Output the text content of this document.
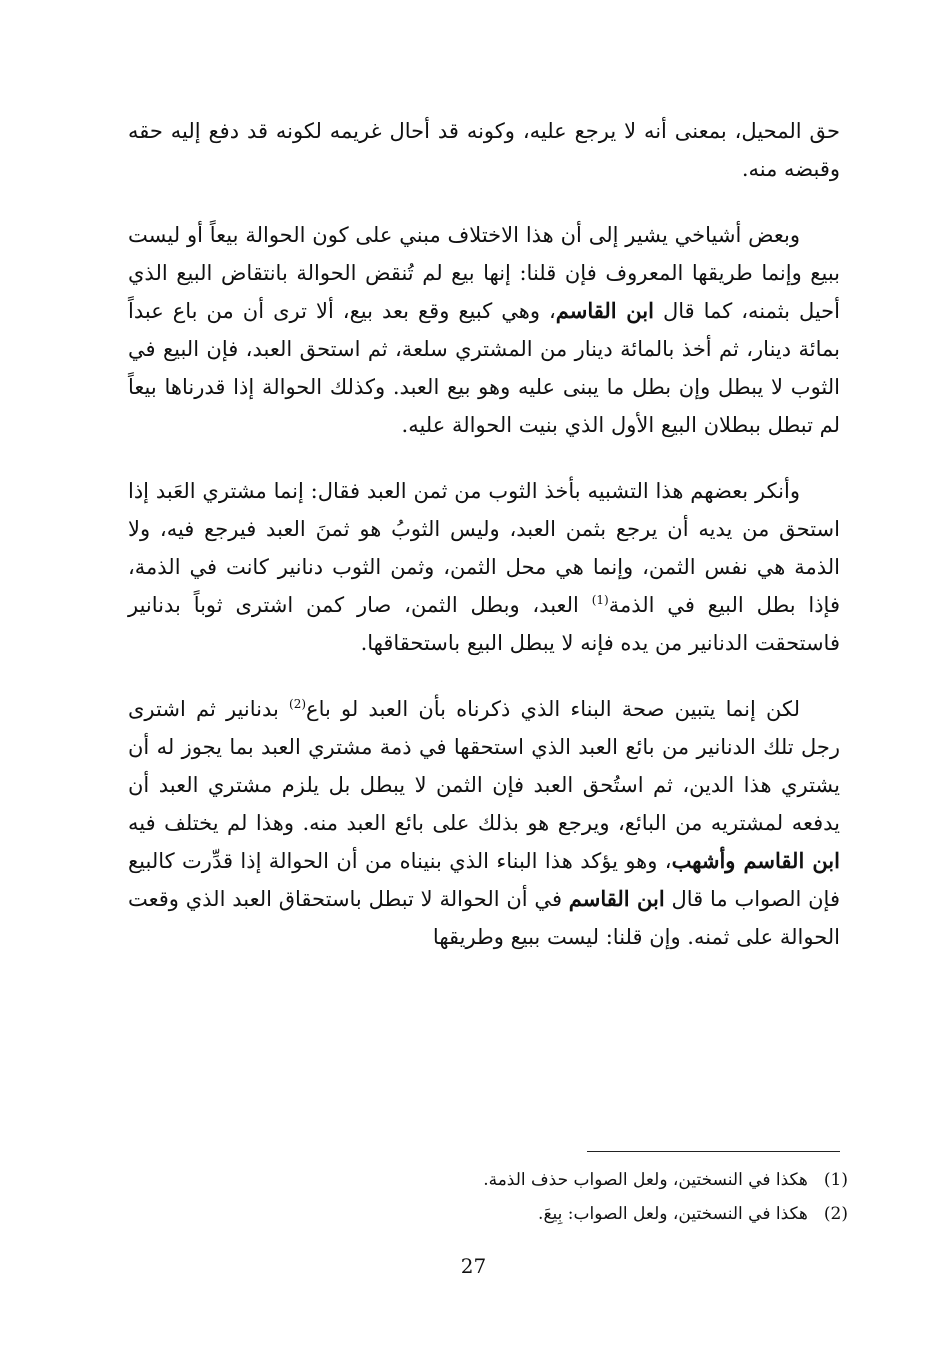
حق المحيل، بمعنى أنه لا يرجع عليه، وكونه قد أحال غريمه لكونه قد دفع إليه حقه وقبضه منه.

وبعض أشياخي يشير إلى أن هذا الاختلاف مبني على كون الحوالة بيعاً أو ليست ببيع وإنما طريقها المعروف فإن قلنا: إنها بيع لم تُنقض الحوالة بانتقاض البيع الذي أحيل بثمنه، كما قال ابن القاسم، وهي كبيع وقع بعد بيع، ألا ترى أن من باع عبداً بمائة دينار، ثم أخذ بالمائة دينار من المشتري سلعة، ثم استحق العبد، فإن البيع في الثوب لا يبطل وإن بطل ما يبنى عليه وهو بيع العبد. وكذلك الحوالة إذا قدرناها بيعاً لم تبطل ببطلان البيع الأول الذي بنيت الحوالة عليه.

وأنكر بعضهم هذا التشبيه بأخذ الثوب من ثمن العبد فقال: إنما مشتري العَبد إذا استحق من يديه أن يرجع بثمن العبد، وليس الثوبُ هو ثمنَ العبد فيرجع فيه، ولا الذمة هي نفس الثمن، وإنما هي محل الثمن، وثمن الثوب دنانير كانت في الذمة، فإذا بطل البيع في الذمة$^{(1)}$ العبد، وبطل الثمن، صار كمن اشترى ثوباً بدنانير فاستحقت الدنانير من يده فإنه لا يبطل البيع باستحقاقها.

لكن إنما يتبين صحة البناء الذي ذكرناه بأن العبد لو باع$^{(2)}$ بدنانير ثم اشترى رجل تلك الدنانير من بائع العبد الذي استحقها في ذمة مشتري العبد بما يجوز له أن يشتري هذا الدين، ثم استُحق العبد فإن الثمن لا يبطل بل يلزم مشتري العبد أن يدفعه لمشتريه من البائع، ويرجع هو بذلك على بائع العبد منه. وهذا لم يختلف فيه ابن القاسم وأشهب، وهو يؤكد هذا البناء الذي بنيناه من أن الحوالة إذا قدِّرت كالبيع فإن الصواب ما قال ابن القاسم في أن الحوالة لا تبطل باستحقاق العبد الذي وقعت الحوالة على ثمنه. وإن قلنا: ليست ببيع وطريقها

(1)هكذا في النسختين، ولعل الصواب حذف الذمة.

(2)هكذا في النسختين، ولعل الصواب: بِيعَ.

27
